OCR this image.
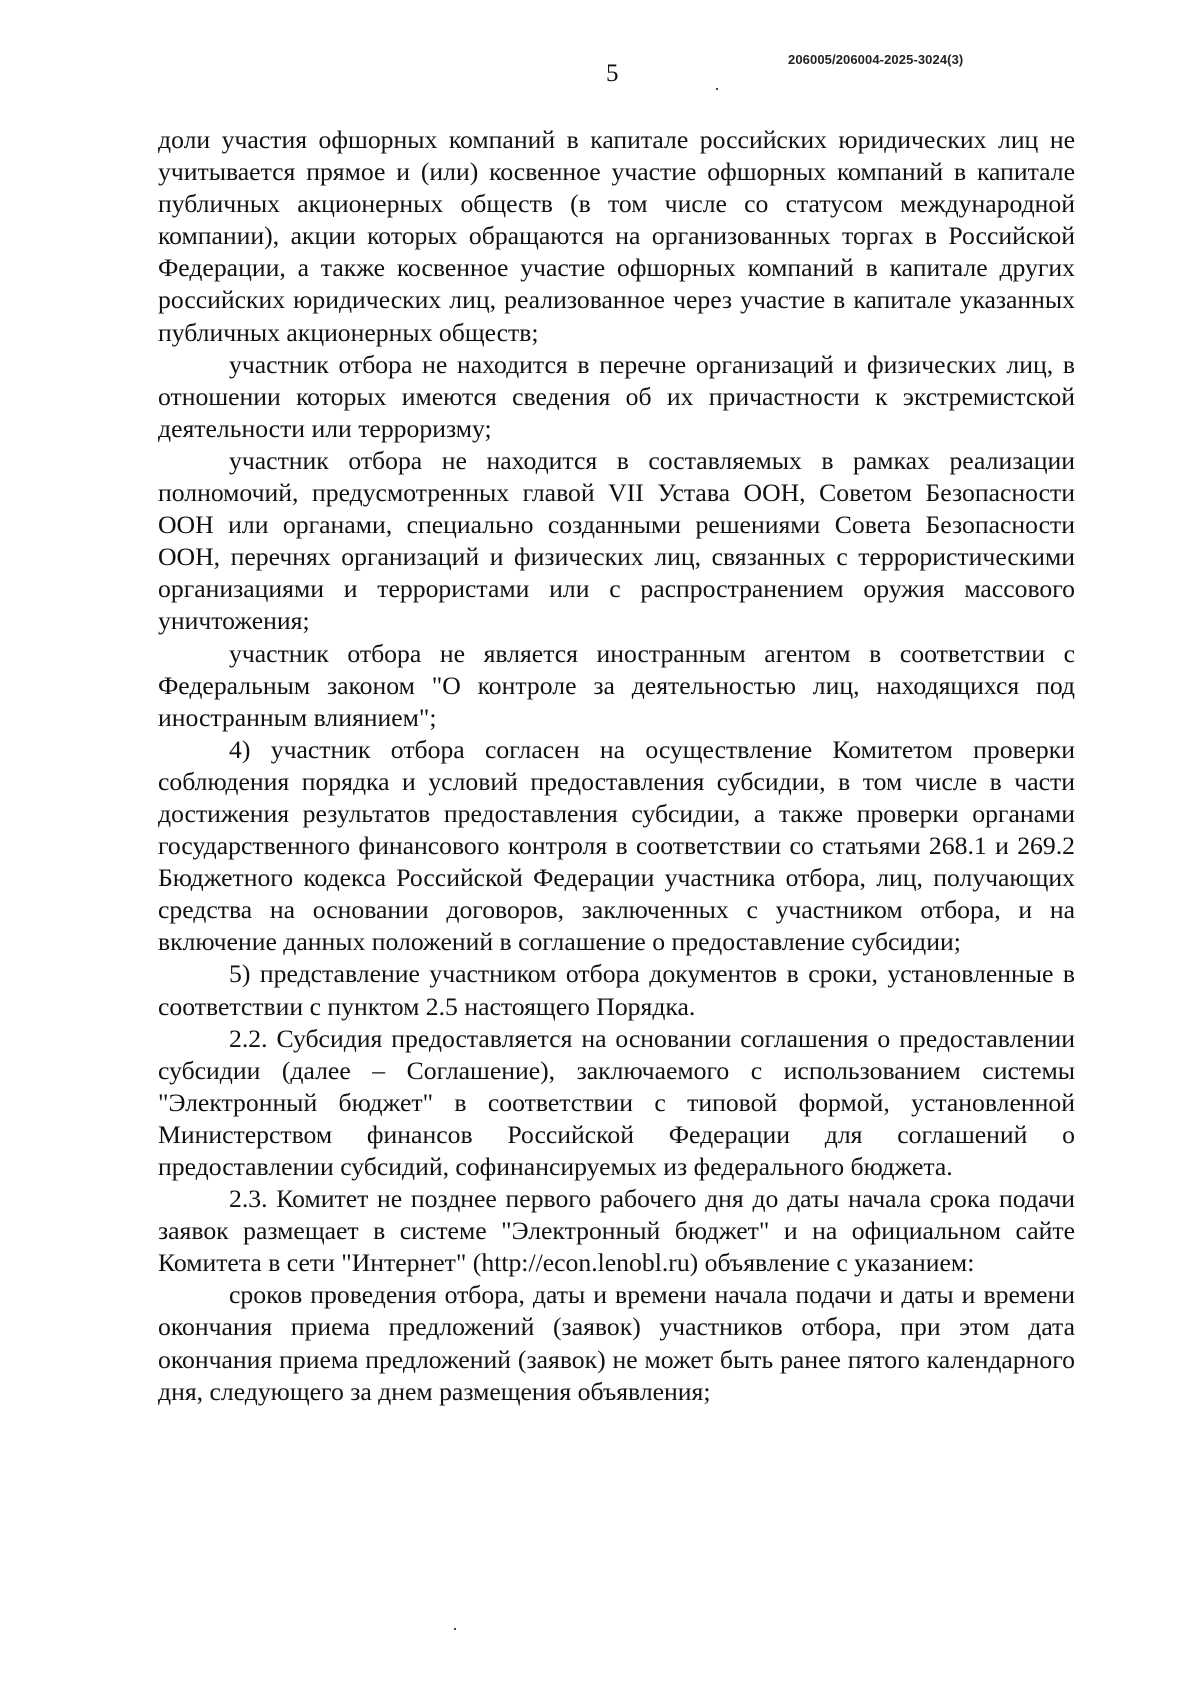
206005/206004-2025-3024(3)
5

доли участия офшорных компаний в капитале российских юридических лиц не учитывается прямое и (или) косвенное участие офшорных компаний в капитале публичных акционерных обществ (в том числе со статусом международной компании), акции которых обращаются на организованных торгах в Российской Федерации, а также косвенное участие офшорных компаний в капитале других российских юридических лиц, реализованное через участие в капитале указанных публичных акционерных обществ;

участник отбора не находится в перечне организаций и физических лиц, в отношении которых имеются сведения об их причастности к экстремистской деятельности или терроризму;

участник отбора не находится в составляемых в рамках реализации полномочий, предусмотренных главой VII Устава ООН, Советом Безопасности ООН или органами, специально созданными решениями Совета Безопасности ООН, перечнях организаций и физических лиц, связанных с террористическими организациями и террористами или с распространением оружия массового уничтожения;

участник отбора не является иностранным агентом в соответствии с Федеральным законом "О контроле за деятельностью лиц, находящихся под иностранным влиянием";

4) участник отбора согласен на осуществление Комитетом проверки соблюдения порядка и условий предоставления субсидии, в том числе в части достижения результатов предоставления субсидии, а также проверки органами государственного финансового контроля в соответствии со статьями 268.1 и 269.2 Бюджетного кодекса Российской Федерации участника отбора, лиц, получающих средства на основании договоров, заключенных с участником отбора, и на включение данных положений в соглашение о предоставление субсидии;

5) представление участником отбора документов в сроки, установленные в соответствии с пунктом 2.5 настоящего Порядка.

2.2. Субсидия предоставляется на основании соглашения о предоставлении субсидии (далее – Соглашение), заключаемого с использованием системы "Электронный бюджет" в соответствии с типовой формой, установленной Министерством финансов Российской Федерации для соглашений о предоставлении субсидий, софинансируемых из федерального бюджета.

2.3. Комитет не позднее первого рабочего дня до даты начала срока подачи заявок размещает в системе "Электронный бюджет" и на официальном сайте Комитета в сети "Интернет" (http://econ.lenobl.ru) объявление с указанием:

сроков проведения отбора, даты и времени начала подачи и даты и времени окончания приема предложений (заявок) участников отбора, при этом дата окончания приема предложений (заявок) не может быть ранее пятого календарного дня, следующего за днем размещения объявления;
